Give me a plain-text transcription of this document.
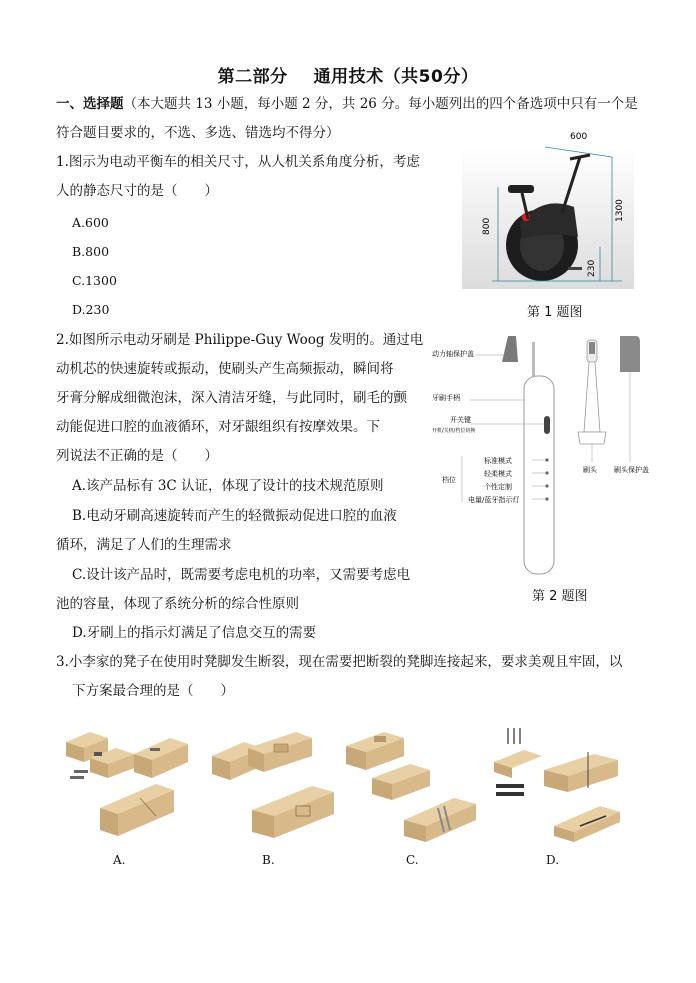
第二部分 通用技术（共50分）
一、选择题（本大题共 13 小题，每小题 2 分，共 26 分。每小题列出的四个备选项中只有一个是
符合题目要求的，不选、多选、错选均不得分）
1.图示为电动平衡车的相关尺寸，从人机关系角度分析，考虑
人的静态尺寸的是（　　）
A.600
B.800
C.1300
D.230
600
800
1300
230
第 1 题图
2.如图所示电动牙刷是 Philippe-Guy Woog 发明的。通过电
动机芯的快速旋转或振动，使刷头产生高频振动，瞬间将
牙膏分解成细微泡沫，深入清洁牙缝，与此同时，刷毛的颤
动能促进口腔的血液循环，对牙龈组织有按摩效果。下
列说法不正确的是（　　）
A.该产品标有 3C 认证，体现了设计的技术规范原则
B.电动牙刷高速旋转而产生的轻微振动促进口腔的血液
循环，满足了人们的生理需求
C.设计该产品时，既需要考虑电机的功率，又需要考虑电
池的容量，体现了系统分析的综合性原则
D.牙刷上的指示灯满足了信息交互的需要
动力轴保护盖
牙刷手柄
开关键
开机/关机/档位切换
档位
标准模式
轻柔模式
个性定制
电量/蓝牙指示灯
刷头 刷头保护盖
第 2 题图
3.小李家的凳子在使用时凳脚发生断裂，现在需要把断裂的凳脚连接起来，要求美观且牢固，以
下方案最合理的是（　　）
A.	B.	C.	D.
